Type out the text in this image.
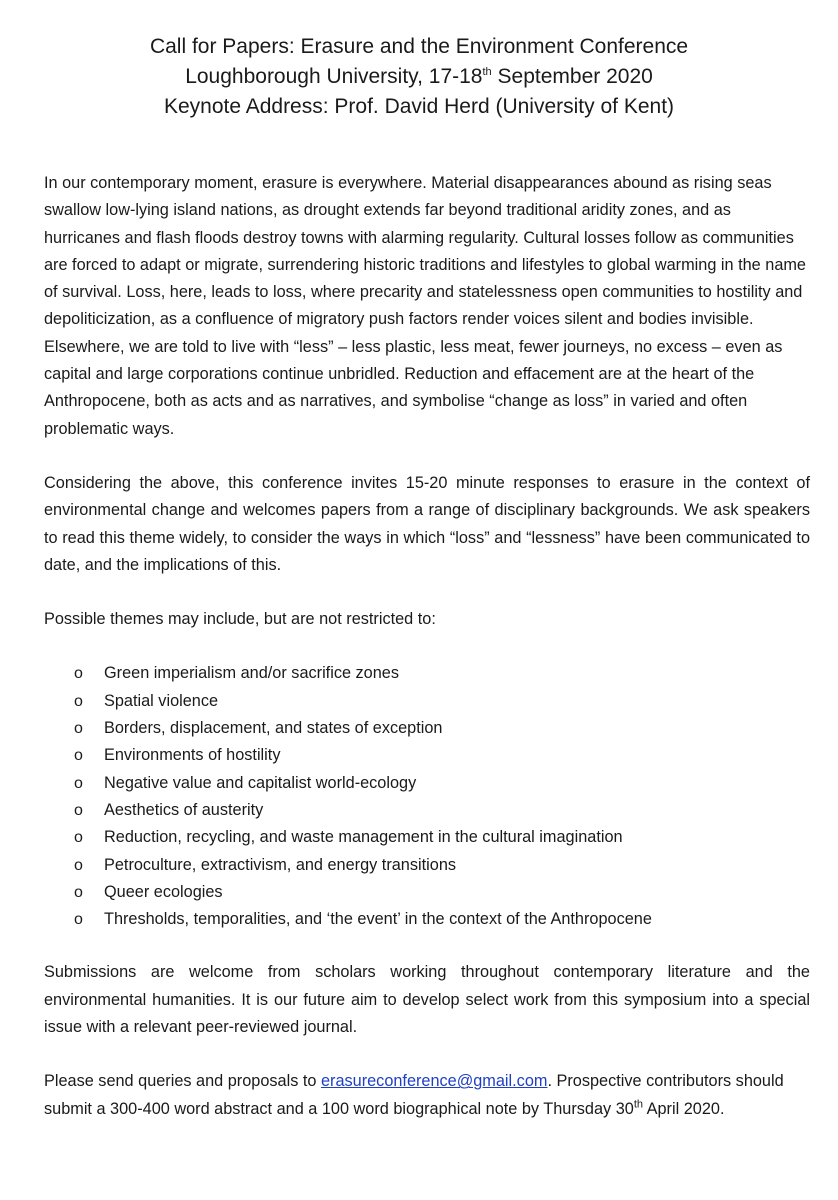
Call for Papers: Erasure and the Environment Conference
Loughborough University, 17-18th September 2020
Keynote Address: Prof. David Herd (University of Kent)

In our contemporary moment, erasure is everywhere. Material disappearances abound as rising seas swallow low-lying island nations, as drought extends far beyond traditional aridity zones, and as hurricanes and flash floods destroy towns with alarming regularity. Cultural losses follow as communities are forced to adapt or migrate, surrendering historic traditions and lifestyles to global warming in the name of survival. Loss, here, leads to loss, where precarity and statelessness open communities to hostility and depoliticization, as a confluence of migratory push factors render voices silent and bodies invisible. Elsewhere, we are told to live with “less” – less plastic, less meat, fewer journeys, no excess – even as capital and large corporations continue unbridled. Reduction and effacement are at the heart of the Anthropocene, both as acts and as narratives, and symbolise “change as loss” in varied and often problematic ways.

Considering the above, this conference invites 15-20 minute responses to erasure in the context of environmental change and welcomes papers from a range of disciplinary backgrounds. We ask speakers to read this theme widely, to consider the ways in which “loss” and “lessness” have been communicated to date, and the implications of this.

Possible themes may include, but are not restricted to:

o Green imperialism and/or sacrifice zones
o Spatial violence
o Borders, displacement, and states of exception
o Environments of hostility
o Negative value and capitalist world-ecology
o Aesthetics of austerity
o Reduction, recycling, and waste management in the cultural imagination
o Petroculture, extractivism, and energy transitions
o Queer ecologies
o Thresholds, temporalities, and ‘the event’ in the context of the Anthropocene

Submissions are welcome from scholars working throughout contemporary literature and the environmental humanities. It is our future aim to develop select work from this symposium into a special issue with a relevant peer-reviewed journal.

Please send queries and proposals to erasureconference@gmail.com. Prospective contributors should submit a 300-400 word abstract and a 100 word biographical note by Thursday 30th April 2020.
